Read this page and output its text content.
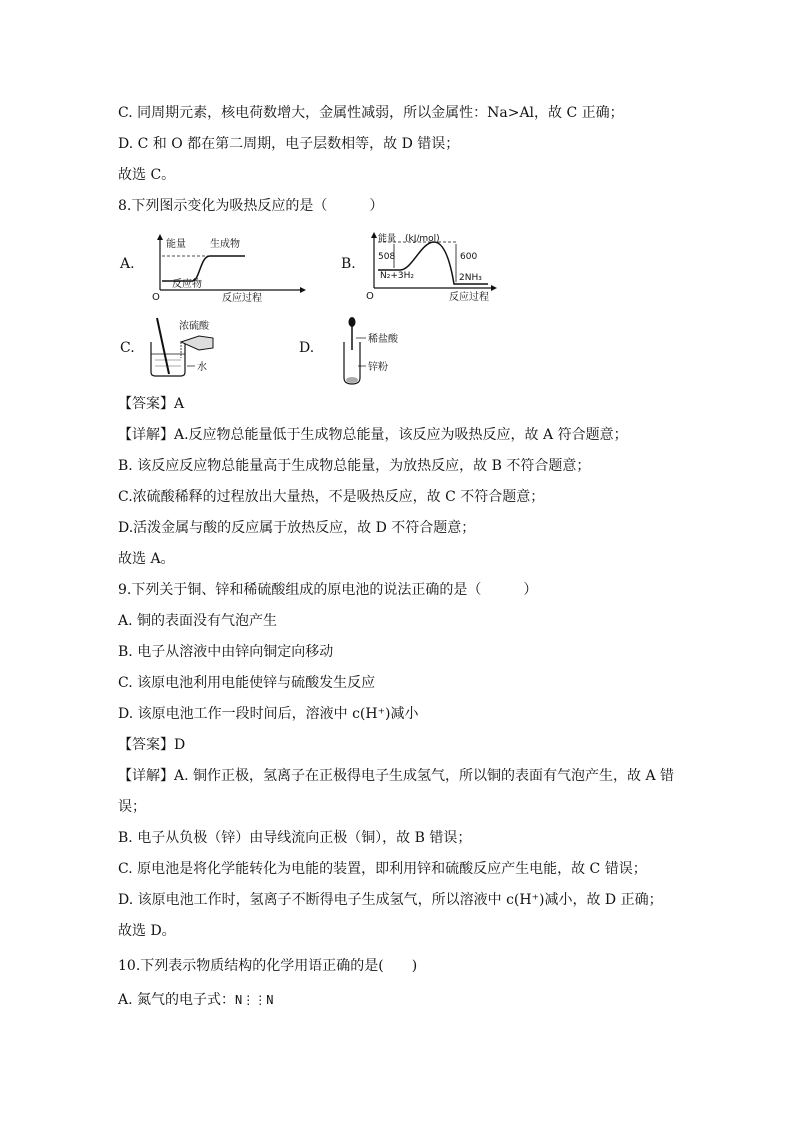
C. 同周期元素，核电荷数增大，金属性减弱，所以金属性：Na>Al，故 C 正确；
D. C 和 O 都在第二周期，电子层数相等，故 D 错误；
故选 C。
8.下列图示变化为吸热反应的是（　　　）
A.	B.
C.	D.
能量 生成物
反应物
O	反应过程
能量　(kJ/mol)
508	600
N₂+3H₂	2NH₃
O	反应过程
浓硫酸
水
稀盐酸
锌粉
【答案】A
【详解】A.反应物总能量低于生成物总能量，该反应为吸热反应，故 A 符合题意；
B. 该反应反应物总能量高于生成物总能量，为放热反应，故 B 不符合题意；
C.浓硫酸稀释的过程放出大量热，不是吸热反应，故 C 不符合题意；
D.活泼金属与酸的反应属于放热反应，故 D 不符合题意；
故选 A。
9.下列关于铜、锌和稀硫酸组成的原电池的说法正确的是（　　　）
A. 铜的表面没有气泡产生
B. 电子从溶液中由锌向铜定向移动
C. 该原电池利用电能使锌与硫酸发生反应
D. 该原电池工作一段时间后，溶液中 c(H⁺)减小
【答案】D
【详解】A. 铜作正极，氢离子在正极得电子生成氢气，所以铜的表面有气泡产生，故 A 错
误；
B. 电子从负极（锌）由导线流向正极（铜），故 B 错误；
C. 原电池是将化学能转化为电能的装置，即利用锌和硫酸反应产生电能，故 C 错误；
D. 该原电池工作时，氢离子不断得电子生成氢气，所以溶液中 c(H⁺)减小，故 D 正确；
故选 D。
10.下列表示物质结构的化学用语正确的是(　　)
A. 氮气的电子式：N⋮⋮N
